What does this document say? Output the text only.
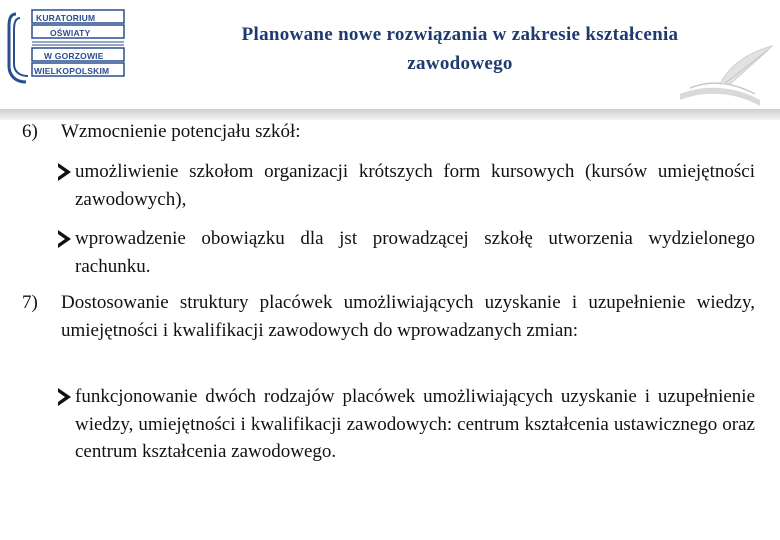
KURATORIUM
OŚWIATY
W GORZOWIE
WIELKOPOLSKIM
Planowane nowe rozwiązania w zakresie kształcenia
zawodowego
6) Wzmocnienie potencjału szkół:
umożliwienie szkołom organizacji krótszych form kursowych (kursów umiejętności zawodowych),
wprowadzenie obowiązku dla jst prowadzącej szkołę utworzenia wydzielonego rachunku.
7) Dostosowanie struktury placówek umożliwiających uzyskanie i uzupełnienie wiedzy, umiejętności i kwalifikacji zawodowych do wprowadzanych zmian:
funkcjonowanie dwóch rodzajów placówek umożliwiających uzyskanie i uzupełnienie wiedzy, umiejętności i kwalifikacji zawodowych: centrum kształcenia ustawicznego oraz centrum kształcenia zawodowego.
